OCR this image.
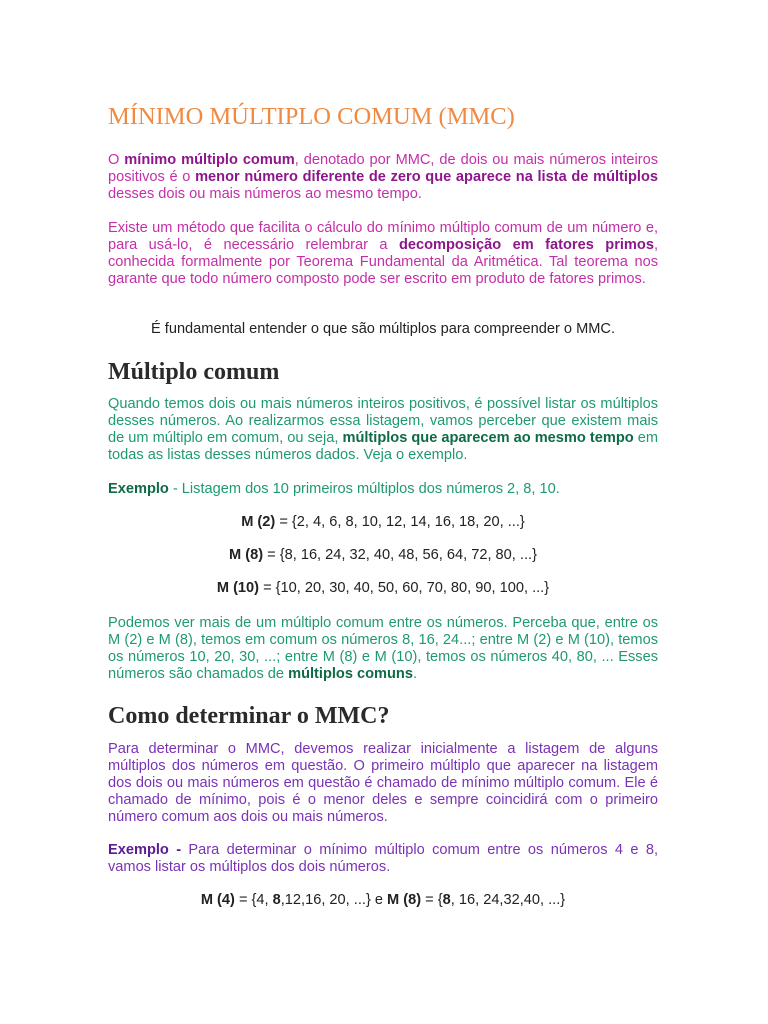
MÍNIMO MÚLTIPLO COMUM (MMC)

O mínimo múltiplo comum, denotado por MMC, de dois ou mais números inteiros positivos é o menor número diferente de zero que aparece na lista de múltiplos desses dois ou mais números ao mesmo tempo.

Existe um método que facilita o cálculo do mínimo múltiplo comum de um número e, para usá-lo, é necessário relembrar a decomposição em fatores primos, conhecida formalmente por Teorema Fundamental da Aritmética. Tal teorema nos garante que todo número composto pode ser escrito em produto de fatores primos.

É fundamental entender o que são múltiplos para compreender o MMC.

Múltiplo comum

Quando temos dois ou mais números inteiros positivos, é possível listar os múltiplos desses números. Ao realizarmos essa listagem, vamos perceber que existem mais de um múltiplo em comum, ou seja, múltiplos que aparecem ao mesmo tempo em todas as listas desses números dados. Veja o exemplo.

Exemplo - Listagem dos 10 primeiros múltiplos dos números 2, 8, 10.

M (2) = {2, 4, 6, 8, 10, 12, 14, 16, 18, 20, ...}

M (8) = {8, 16, 24, 32, 40, 48, 56, 64, 72, 80, ...}

M (10) = {10, 20, 30, 40, 50, 60, 70, 80, 90, 100, ...}

Podemos ver mais de um múltiplo comum entre os números. Perceba que, entre os M (2) e M (8), temos em comum os números 8, 16, 24...; entre M (2) e M (10), temos os números 10, 20, 30, ...; entre M (8) e M (10), temos os números 40, 80, ... Esses números são chamados de múltiplos comuns.

Como determinar o MMC?

Para determinar o MMC, devemos realizar inicialmente a listagem de alguns múltiplos dos números em questão. O primeiro múltiplo que aparecer na listagem dos dois ou mais números em questão é chamado de mínimo múltiplo comum. Ele é chamado de mínimo, pois é o menor deles e sempre coincidirá com o primeiro número comum aos dois ou mais números.

Exemplo - Para determinar o mínimo múltiplo comum entre os números 4 e 8, vamos listar os múltiplos dos dois números.

M (4) = {4, 8,12,16, 20, ...} e M (8) = {8, 16, 24,32,40, ...}
